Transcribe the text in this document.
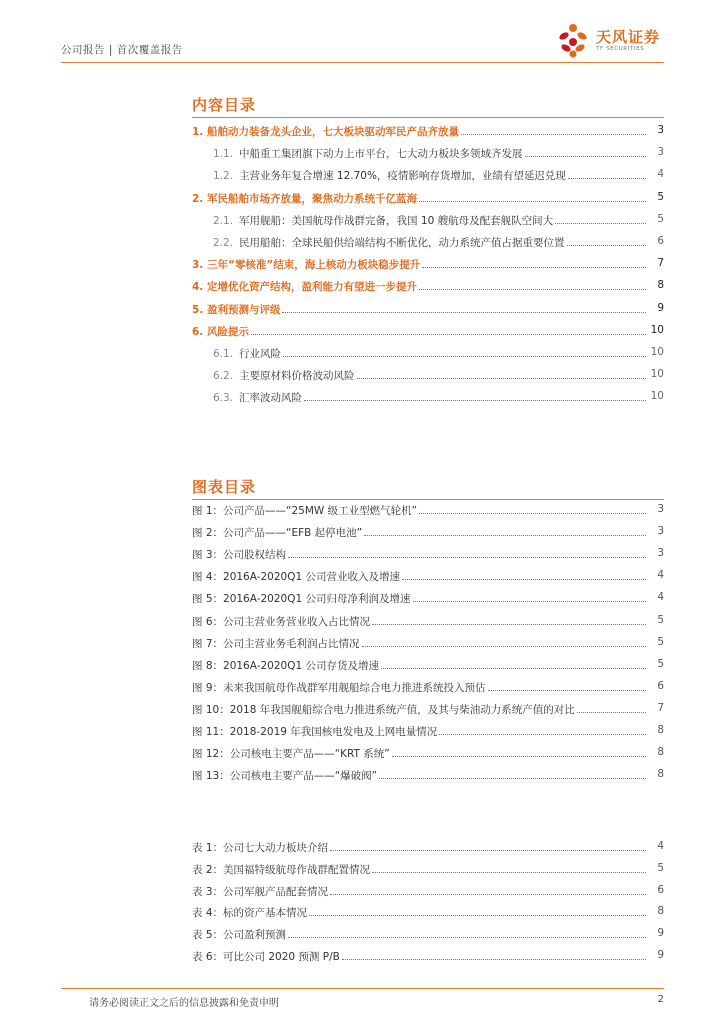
公司报告 | 首次覆盖报告
天风证券
TF SECURITIES
内容目录
1. 船舶动力装备龙头企业，七大板块驱动军民产品齐放量	3
1.1. 中船重工集团旗下动力上市平台，七大动力板块多领域齐发展	3
1.2. 主营业务年复合增速 12.70%，疫情影响存货增加，业绩有望延迟兑现	4
2. 军民船舶市场齐放量，聚焦动力系统千亿蓝海	5
2.1. 军用舰船：美国航母作战群完备，我国 10 艘航母及配套舰队空间大	5
2.2. 民用船舶：全球民船供给端结构不断优化，动力系统产值占据重要位置	6
3. 三年“零核准”结束，海上核动力板块稳步提升	7
4. 定增优化资产结构，盈利能力有望进一步提升	8
5. 盈利预测与评级	9
6. 风险提示	10
6.1. 行业风险	10
6.2. 主要原材料价格波动风险	10
6.3. 汇率波动风险	10
图表目录
图 1：公司产品——“25MW 级工业型燃气轮机”	3
图 2：公司产品——“EFB 起停电池”	3
图 3：公司股权结构	3
图 4：2016A-2020Q1 公司营业收入及增速	4
图 5：2016A-2020Q1 公司归母净利润及增速	4
图 6：公司主营业务营业收入占比情况	5
图 7：公司主营业务毛利润占比情况	5
图 8：2016A-2020Q1 公司存货及增速	5
图 9：未来我国航母作战群军用舰船综合电力推进系统投入预估	6
图 10：2018 年我国舰船综合电力推进系统产值，及其与柴油动力系统产值的对比	7
图 11：2018-2019 年我国核电发电及上网电量情况	8
图 12：公司核电主要产品——“KRT 系统”	8
图 13：公司核电主要产品——“爆破阀”	8
表 1：公司七大动力板块介绍	4
表 2：美国福特级航母作战群配置情况	5
表 3：公司军舰产品配套情况	6
表 4：标的资产基本情况	8
表 5：公司盈利预测	9
表 6：可比公司 2020 预测 P/B	9
请务必阅读正文之后的信息披露和免责申明	2
